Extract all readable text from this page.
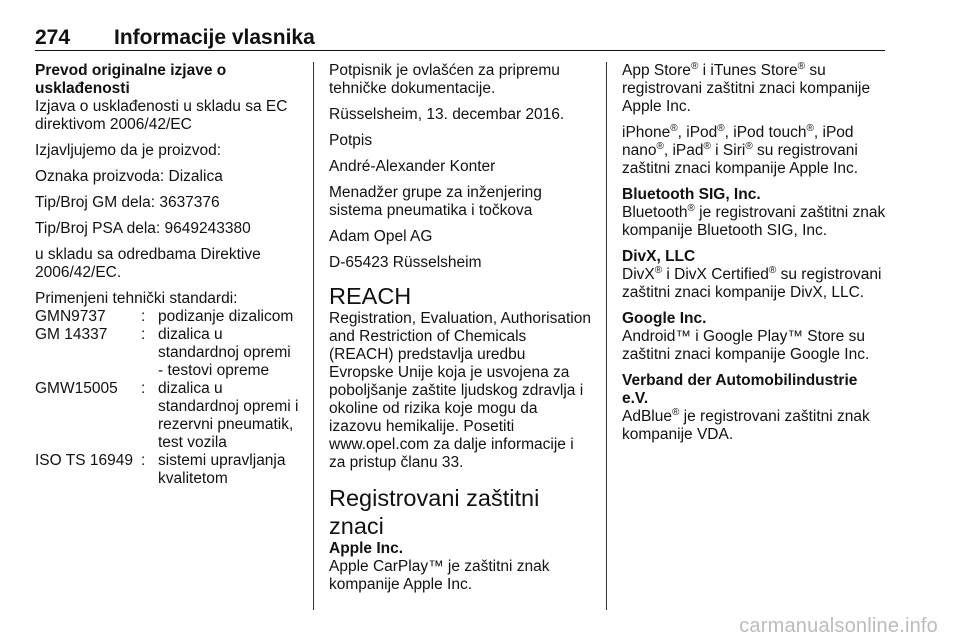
274 Informacije vlasnika

Prevod originalne izjave o usklađenosti

Izjava o usklađenosti u skladu sa EC direktivom 2006/42/EC

Izjavljujemo da je proizvod:

Oznaka proizvoda: Dizalica

Tip/Broj GM dela: 3637376

Tip/Broj PSA dela: 9649243380

u skladu sa odredbama Direktive 2006/42/EC.

Primenjeni tehnički standardi:

GMN9737	:	podizanje dizalicom
GM 14337	:	dizalica u standardnoj opremi - testovi opreme
GMW15005	:	dizalica u standardnoj opremi i rezervni pneumatik, test vozila
ISO TS 16949	:	sistemi upravljanja kvalitetom

Potpisnik je ovlašćen za pripremu tehničke dokumentacije.

Rüsselsheim, 13. decembar 2016.

Potpis

André-Alexander Konter

Menadžer grupe za inženjering sistema pneumatika i točkova

Adam Opel AG

D-65423 Rüsselsheim

REACH

Registration, Evaluation, Authorisation and Restriction of Chemicals (REACH) predstavlja uredbu Evropske Unije koja je usvojena za poboljšanje zaštite ljudskog zdravlja i okoline od rizika koje mogu da izazovu hemikalije. Posetiti www.opel.com za dalje informacije i za pristup članu 33.

Registrovani zaštitni znaci

Apple Inc.

Apple CarPlay™ je zaštitni znak kompanije Apple Inc.

App Store® i iTunes Store® su registrovani zaštitni znaci kompanije Apple Inc.

iPhone®, iPod®, iPod touch®, iPod nano®, iPad® i Siri® su registrovani zaštitni znaci kompanije Apple Inc.

Bluetooth SIG, Inc.

Bluetooth® je registrovani zaštitni znak kompanije Bluetooth SIG, Inc.

DivX, LLC

DivX® i DivX Certified® su registrovani zaštitni znaci kompanije DivX, LLC.

Google Inc.

Android™ i Google Play™ Store su zaštitni znaci kompanije Google Inc.

Verband der Automobilindustrie e.V.

AdBlue® je registrovani zaštitni znak kompanije VDA.

carmanualsonline.info
